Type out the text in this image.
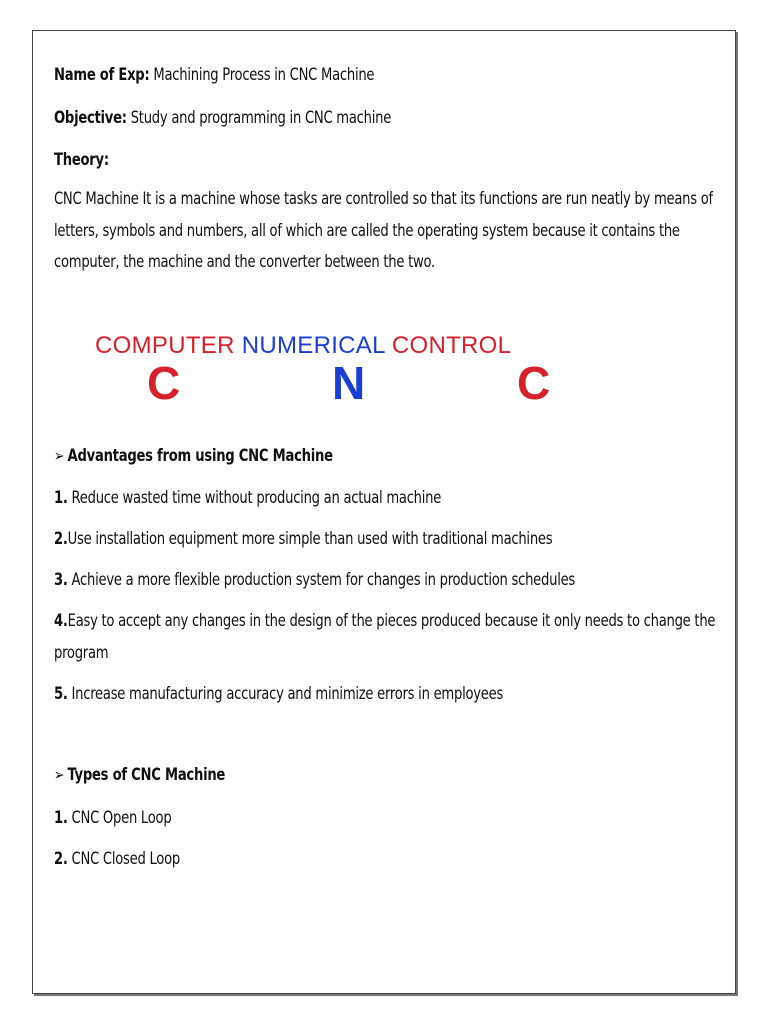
Name of Exp: Machining Process in CNC Machine
Objective: Study and programming in CNC machine
Theory:
CNC Machine It is a machine whose tasks are controlled so that its functions are run neatly by means of letters, symbols and numbers, all of which are called the operating system because it contains the computer, the machine and the converter between the two.
➢ Advantages from using CNC Machine
1. Reduce wasted time without producing an actual machine
2.Use installation equipment more simple than used with traditional machines
3. Achieve a more flexible production system for changes in production schedules
4.Easy to accept any changes in the design of the pieces produced because it only needs to change the program
5. Increase manufacturing accuracy and minimize errors in employees
➢ Types of CNC Machine
1. CNC Open Loop
2. CNC Closed Loop
COMPUTER NUMERICAL CONTROL
C	N	C
